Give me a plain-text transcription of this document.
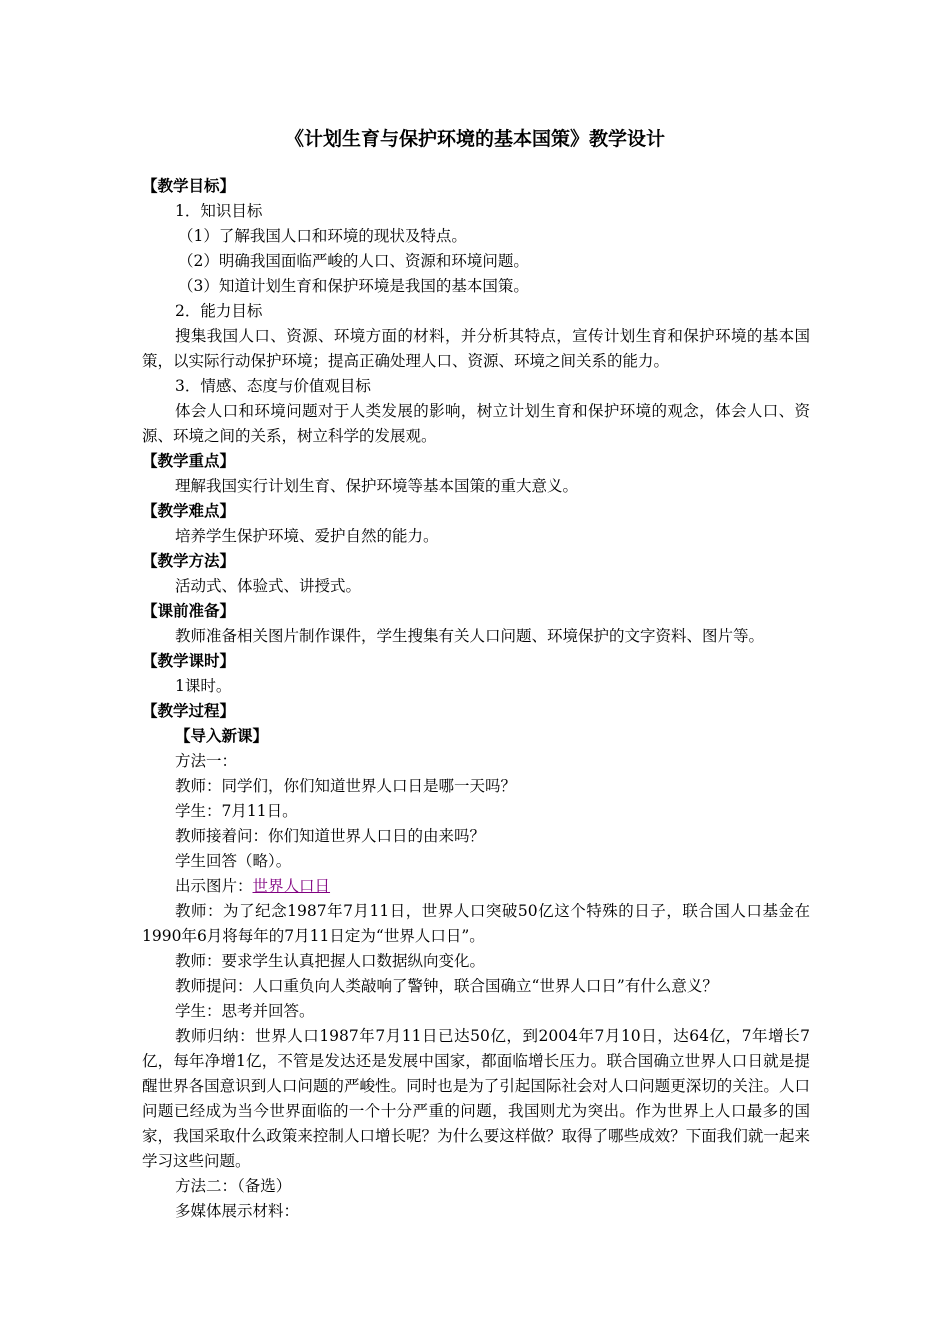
《计划生育与保护环境的基本国策》教学设计
【教学目标】
1．知识目标
（1）了解我国人口和环境的现状及特点。
（2）明确我国面临严峻的人口、资源和环境问题。
（3）知道计划生育和保护环境是我国的基本国策。
2．能力目标
搜集我国人口、资源、环境方面的材料，并分析其特点，宣传计划生育和保护环境的基本国策，以实际行动保护环境；提高正确处理人口、资源、环境之间关系的能力。
3．情感、态度与价值观目标
体会人口和环境问题对于人类发展的影响，树立计划生育和保护环境的观念，体会人口、资源、环境之间的关系，树立科学的发展观。
【教学重点】
理解我国实行计划生育、保护环境等基本国策的重大意义。
【教学难点】
培养学生保护环境、爱护自然的能力。
【教学方法】
活动式、体验式、讲授式。
【课前准备】
教师准备相关图片制作课件，学生搜集有关人口问题、环境保护的文字资料、图片等。
【教学课时】
1课时。
【教学过程】
【导入新课】
方法一：
教师：同学们，你们知道世界人口日是哪一天吗？
学生：7月11日。
教师接着问：你们知道世界人口日的由来吗？
学生回答（略）。
出示图片：世界人口日
教师：为了纪念1987年7月11日，世界人口突破50亿这个特殊的日子，联合国人口基金在1990年6月将每年的7月11日定为“世界人口日”。
教师：要求学生认真把握人口数据纵向变化。
教师提问：人口重负向人类敲响了警钟，联合国确立“世界人口日”有什么意义？
学生：思考并回答。
教师归纳：世界人口1987年7月11日已达50亿，到2004年7月10日，达64亿，7年增长7亿，每年净增1亿，不管是发达还是发展中国家，都面临增长压力。联合国确立世界人口日就是提醒世界各国意识到人口问题的严峻性。同时也是为了引起国际社会对人口问题更深切的关注。人口问题已经成为当今世界面临的一个十分严重的问题，我国则尤为突出。作为世界上人口最多的国家，我国采取什么政策来控制人口增长呢？为什么要这样做？取得了哪些成效？下面我们就一起来学习这些问题。
方法二：（备选）
多媒体展示材料：
